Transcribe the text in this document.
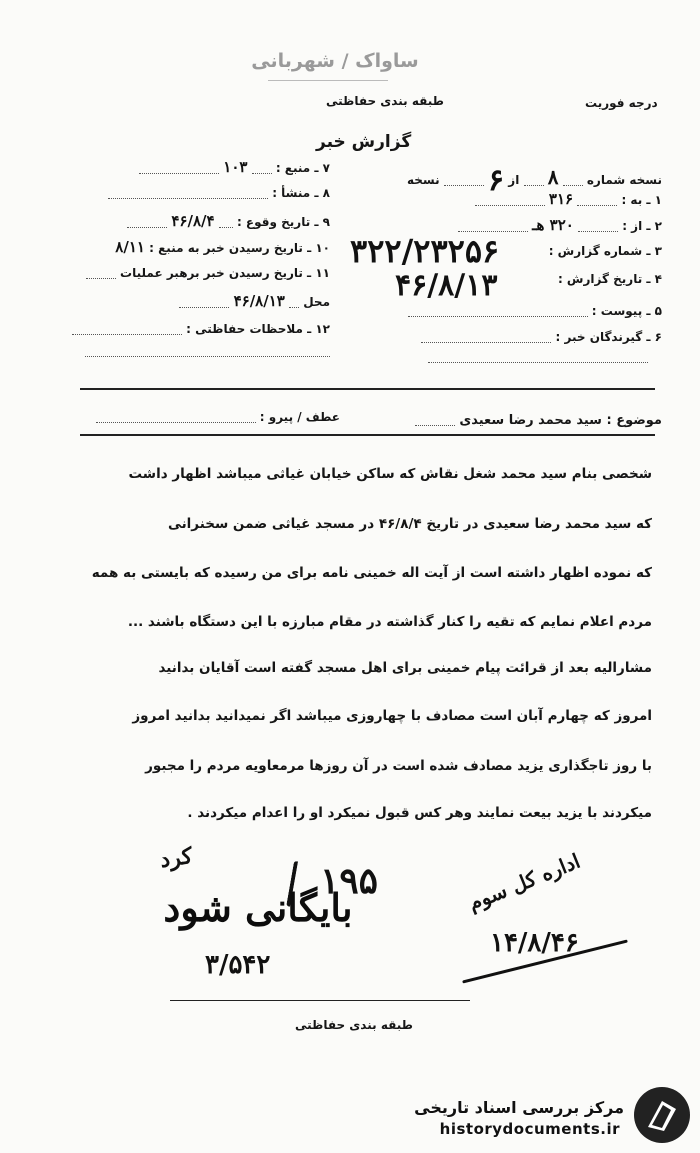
ساواک / شهربانی
طبقه بندی حفاظتی	درجه فوریت
گزارش خبر
نسخه شماره  ۸  از ۶  نسخه
۷ ـ منبع :  ۱۰۳
۸ ـ منشأ :
۹ ـ تاریخ وقوع :  ۴۶/۸/۴
۱۰ ـ تاریخ رسیدن خبر به منبع : ۸/۱۱
۱۱ ـ تاریخ رسیدن خبر برهبر عملیات
محل  ۴۶/۸/۱۳
۱۲ ـ ملاحظات حفاظتی :
۱ ـ به :  ۳۱۶
۲ ـ از :  ۳۲۰ هـ
۳ ـ شماره گزارش :
۳۲۲/۲۳۲۵۶
۴ ـ تاریخ گزارش :
۴۶/۸/۱۳
۵ ـ پیوست :
۶ ـ گیرندگان خبر :
موضوع : سید محمد رضا سعیدی
عطف / پیرو :
شخصی بنام سید محمد شغل نقاش که ساکن خیابان غیاثی میباشد اظهار داشت
که سید محمد رضا سعیدی در تاریخ ۴۶/۸/۴ در مسجد غیاثی ضمن سخنرانی
که نموده اظهار داشته است از آیت اله خمینی نامه برای من رسیده که بایستی به همه
مردم اعلام نمایم که تقیه را کنار گذاشته در مقام مبارزه با این دستگاه باشند ...
مشارالیه بعد از قرائت پیام خمینی برای اهل مسجد گفته است آقایان بدانید
امروز که چهارم آبان است مصادف با چهاروزی میباشد اگر نمیدانید بدانید امروز
با روز تاجگذاری یزید مصادف شده است در آن روزها مرمعاویه مردم را مجبور
میکردند با یزید بیعت نمایند وهر کس قبول نمیکرد او را اعدام میکردند .
کرد
۱۹۵
بایگانی شود
۳/۵۴۲
اداره کل سوم
۱۴/۸/۴۶
طبقه بندی حفاظتی
مرکز بررسی اسناد تاریخی
historydocuments.ir
